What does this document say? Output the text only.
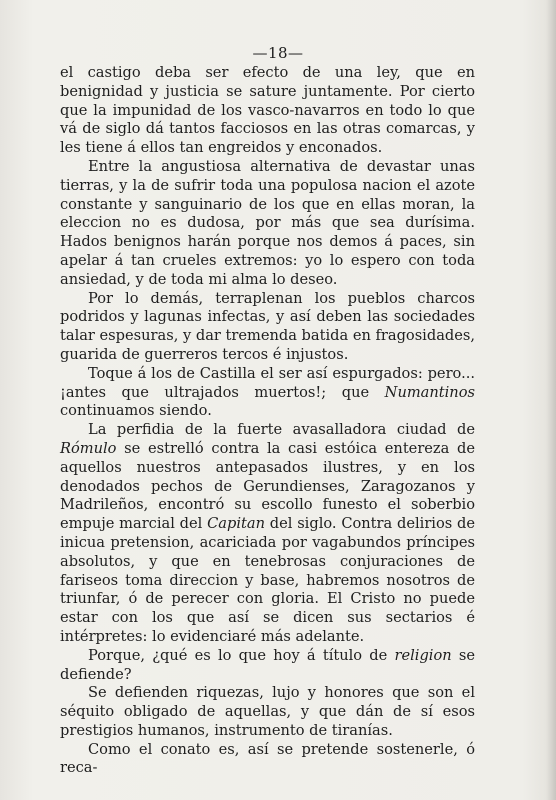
—18—

el castigo deba ser efecto de una ley, que en benignidad y justicia se sature juntamente. Por cierto que la impunidad de los vasco-navarros en todo lo que vá de siglo dá tantos facciosos en las otras comarcas, y les tiene á ellos tan engreidos y enconados.

Entre la angustiosa alternativa de devastar unas tierras, y la de sufrir toda una populosa nacion el azote constante y sanguinario de los que en ellas moran, la eleccion no es dudosa, por más que sea durísima. Hados benignos harán porque nos demos á paces, sin apelar á tan crueles extremos: yo lo espero con toda ansiedad, y de toda mi alma lo deseo.

Por lo demás, terraplenan los pueblos charcos podridos y lagunas infectas, y así deben las sociedades talar espesuras, y dar tremenda batida en fragosidades, guarida de guerreros tercos é injustos.

Toque á los de Castilla el ser así espurgados: pero... ¡antes que ultrajados muertos!; que Numantinos continuamos siendo.

La perfidia de la fuerte avasalladora ciudad de Rómulo se estrelló contra la casi estóica entereza de aquellos nuestros antepasados ilustres, y en los denodados pechos de Gerundienses, Zaragozanos y Madrileños, encontró su escollo funesto el soberbio empuje marcial del Capitan del siglo. Contra delirios de inicua pretension, acariciada por vagabundos príncipes absolutos, y que en tenebrosas conjuraciones de fariseos toma direccion y base, habremos nosotros de triunfar, ó de perecer con gloria. El Cristo no puede estar con los que así se dicen sus sectarios é intérpretes: lo evidenciaré más adelante.

Porque, ¿qué es lo que hoy á título de religion se defiende?

Se defienden riquezas, lujo y honores que son el séquito obligado de aquellas, y que dán de sí esos prestigios humanos, instrumento de tiranías.

Como el conato es, así se pretende sostenerle, ó reca-
